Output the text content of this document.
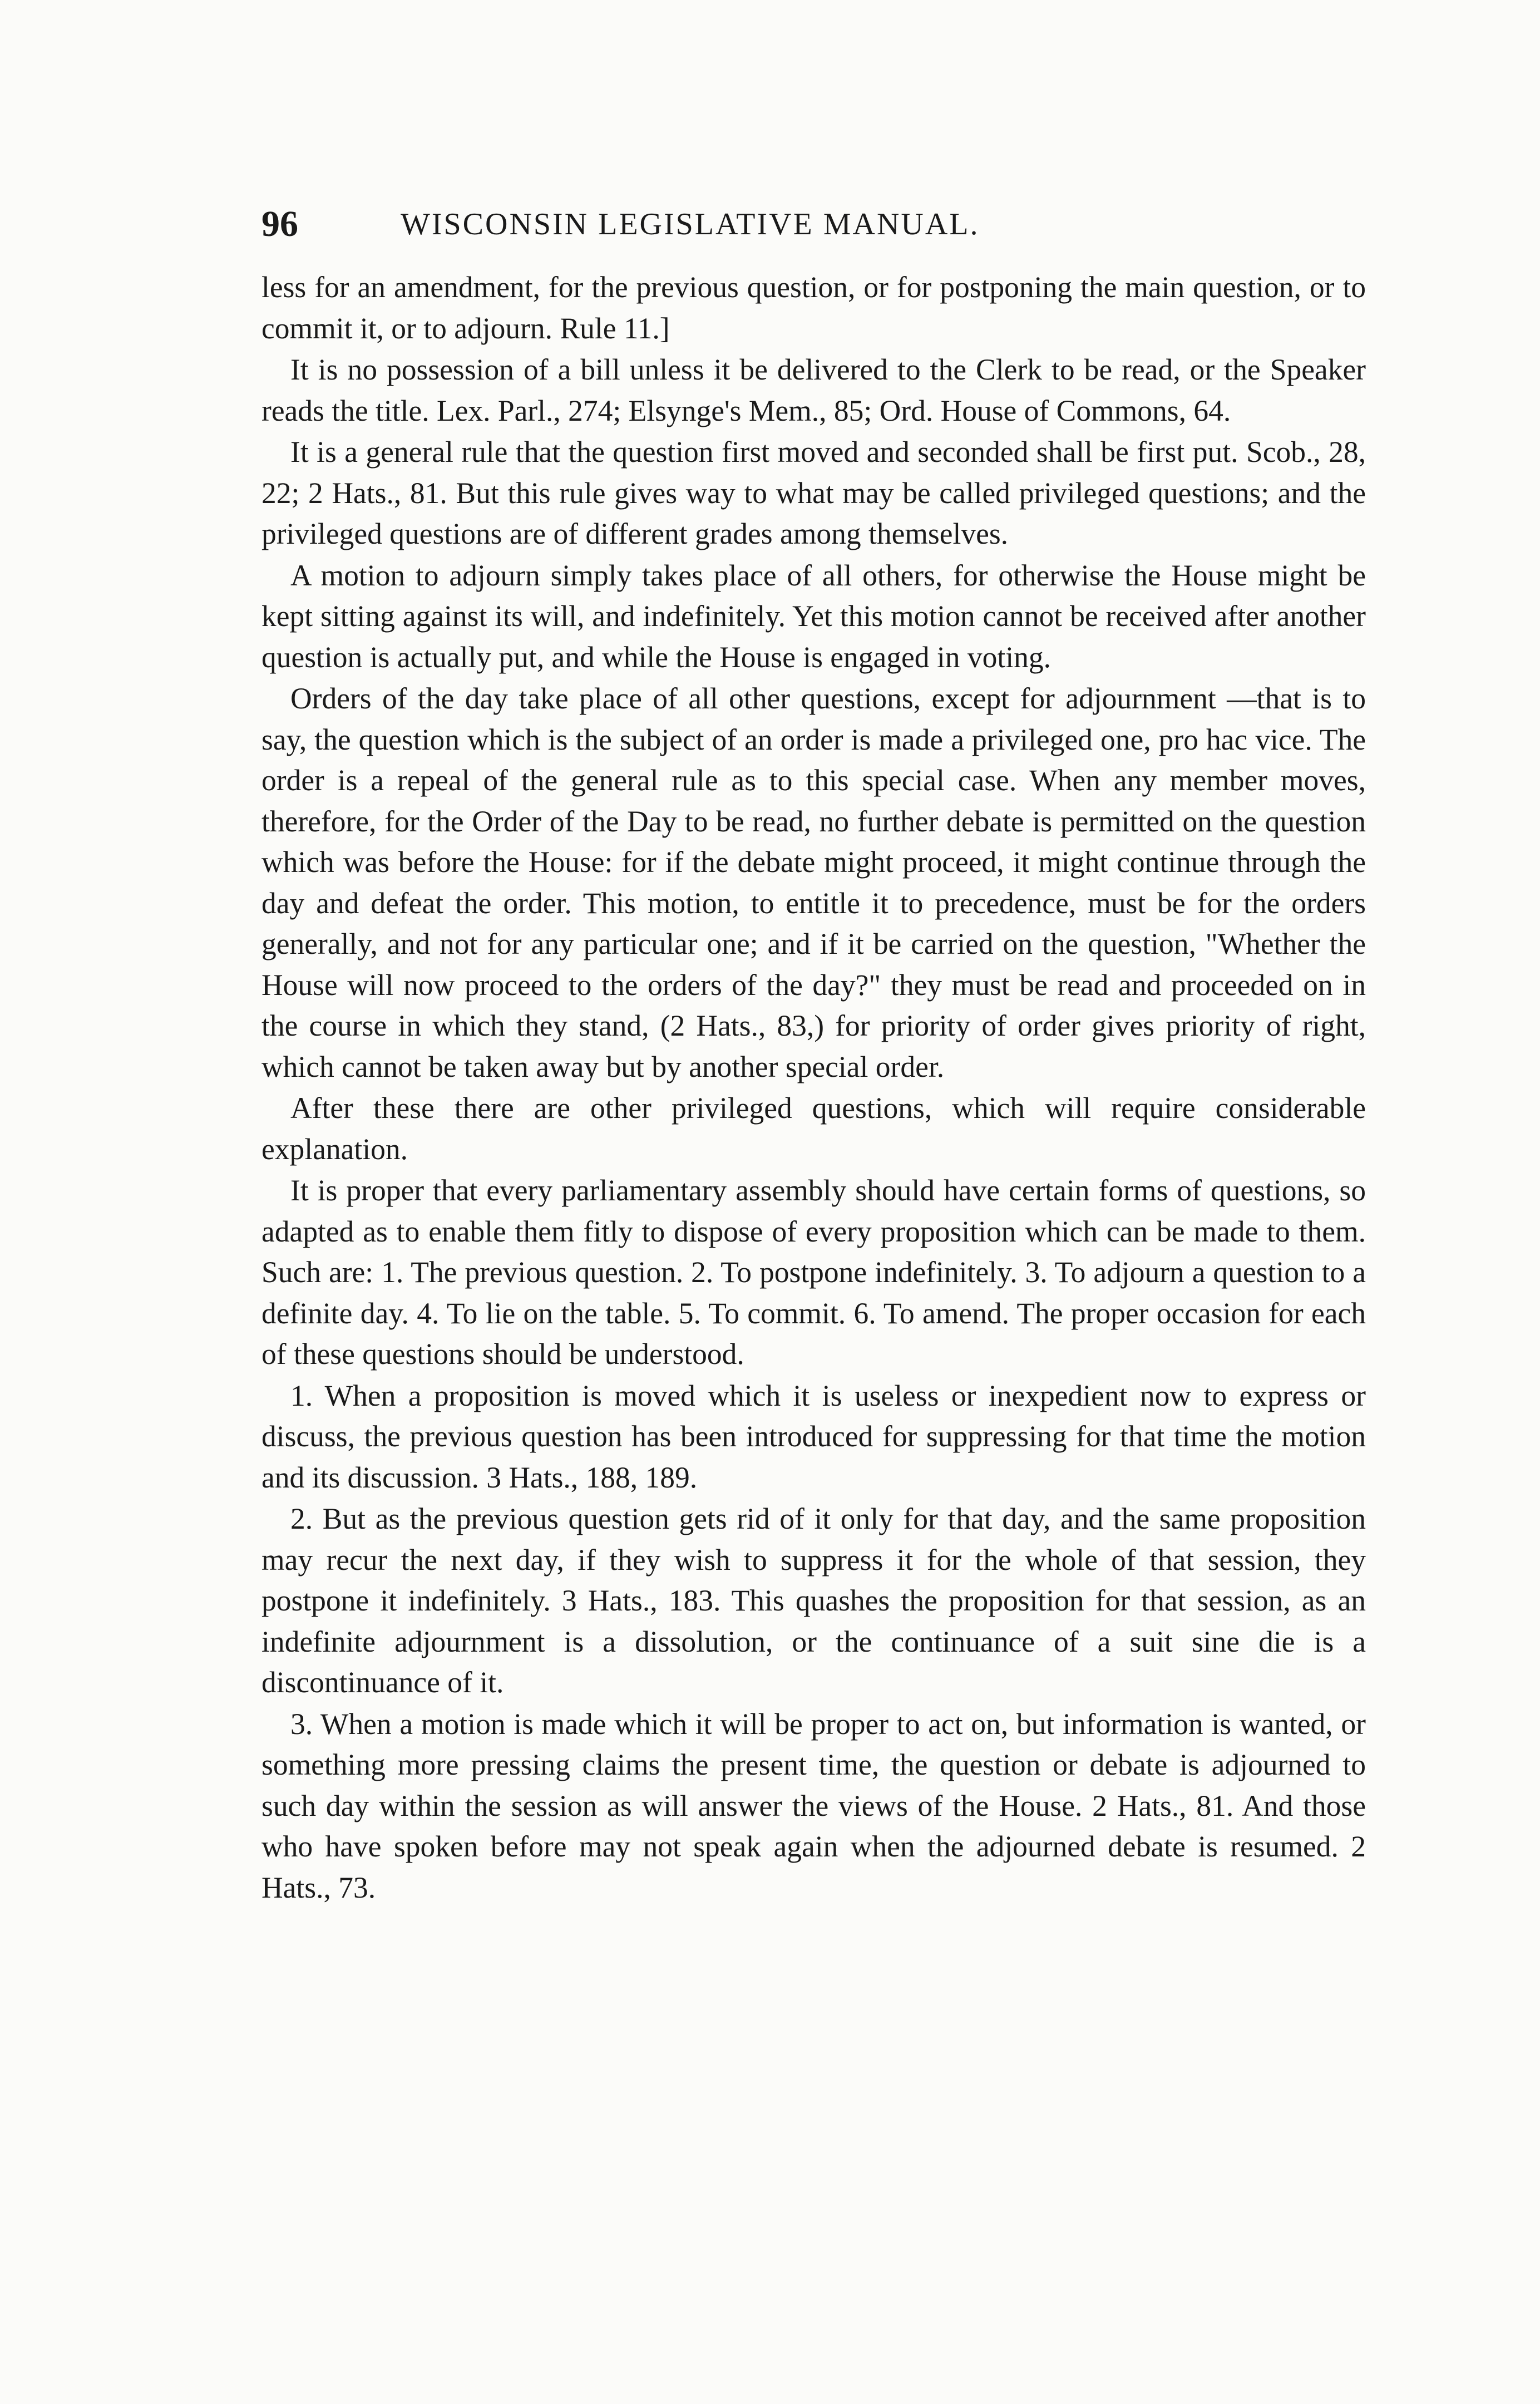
96	WISCONSIN LEGISLATIVE MANUAL.

less for an amendment, for the previous question, or for postponing the main question, or to commit it, or to adjourn. Rule 11.]

It is no possession of a bill unless it be delivered to the Clerk to be read, or the Speaker reads the title. Lex. Parl., 274; Elsynge's Mem., 85; Ord. House of Commons, 64.

It is a general rule that the question first moved and seconded shall be first put. Scob., 28, 22; 2 Hats., 81. But this rule gives way to what may be called privileged questions; and the privileged questions are of different grades among themselves.

A motion to adjourn simply takes place of all others, for otherwise the House might be kept sitting against its will, and indefinitely. Yet this motion cannot be received after another question is actually put, and while the House is engaged in voting.

Orders of the day take place of all other questions, except for adjournment —that is to say, the question which is the subject of an order is made a privileged one, pro hac vice. The order is a repeal of the general rule as to this special case. When any member moves, therefore, for the Order of the Day to be read, no further debate is permitted on the question which was before the House: for if the debate might proceed, it might continue through the day and defeat the order. This motion, to entitle it to precedence, must be for the orders generally, and not for any particular one; and if it be carried on the question, "Whether the House will now proceed to the orders of the day?" they must be read and proceeded on in the course in which they stand, (2 Hats., 83,) for priority of order gives priority of right, which cannot be taken away but by another special order.

After these there are other privileged questions, which will require considerable explanation.

It is proper that every parliamentary assembly should have certain forms of questions, so adapted as to enable them fitly to dispose of every proposition which can be made to them. Such are: 1. The previous question. 2. To postpone indefinitely. 3. To adjourn a question to a definite day. 4. To lie on the table. 5. To commit. 6. To amend. The proper occasion for each of these questions should be understood.

1. When a proposition is moved which it is useless or inexpedient now to express or discuss, the previous question has been introduced for suppressing for that time the motion and its discussion. 3 Hats., 188, 189.

2. But as the previous question gets rid of it only for that day, and the same proposition may recur the next day, if they wish to suppress it for the whole of that session, they postpone it indefinitely. 3 Hats., 183. This quashes the proposition for that session, as an indefinite adjournment is a dissolution, or the continuance of a suit sine die is a discontinuance of it.

3. When a motion is made which it will be proper to act on, but information is wanted, or something more pressing claims the present time, the question or debate is adjourned to such day within the session as will answer the views of the House. 2 Hats., 81. And those who have spoken before may not speak again when the adjourned debate is resumed. 2 Hats., 73.
